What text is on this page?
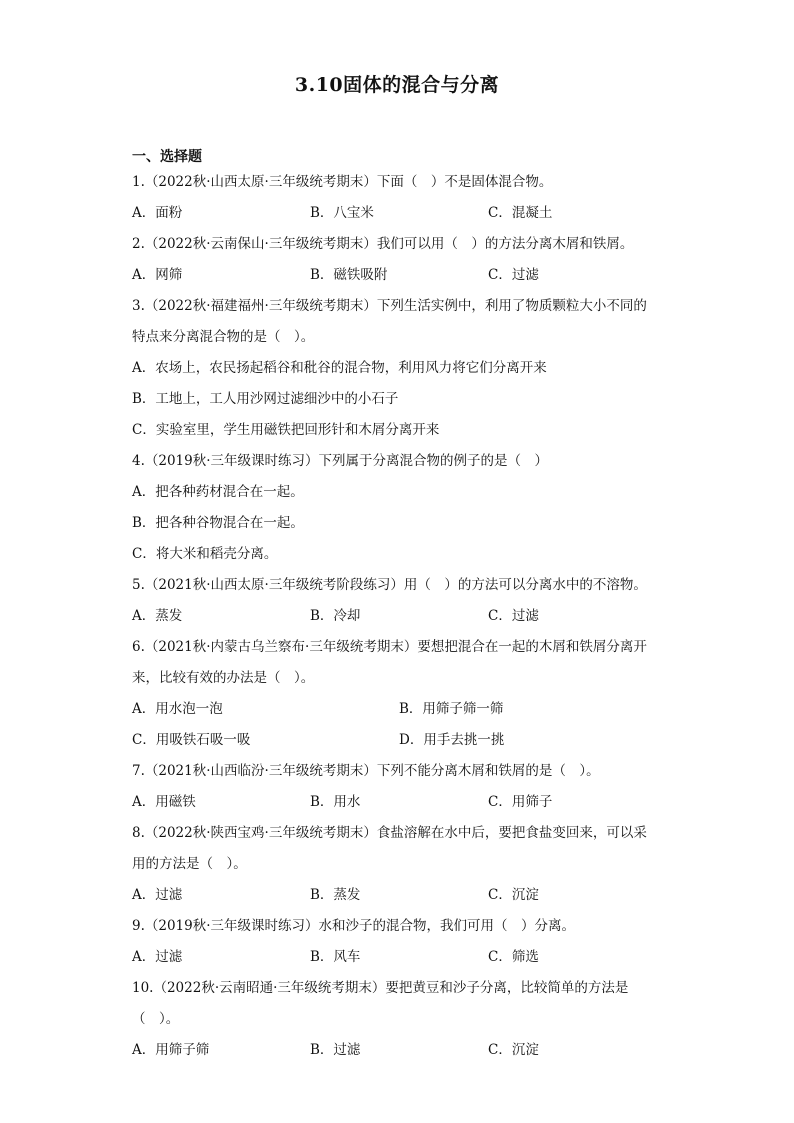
3.10固体的混合与分离
一、选择题
1.（2022秋·山西太原·三年级统考期末）下面（　）不是固体混合物。
A．面粉	B．八宝米	C．混凝土
2.（2022秋·云南保山·三年级统考期末）我们可以用（　）的方法分离木屑和铁屑。
A．网筛	B．磁铁吸附	C．过滤
3.（2022秋·福建福州·三年级统考期末）下列生活实例中，利用了物质颗粒大小不同的
特点来分离混合物的是（　）。
A．农场上，农民扬起稻谷和秕谷的混合物，利用风力将它们分离开来
B．工地上，工人用沙网过滤细沙中的小石子
C．实验室里，学生用磁铁把回形针和木屑分离开来
4.（2019秋·三年级课时练习）下列属于分离混合物的例子的是（　）
A．把各种药材混合在一起。
B．把各种谷物混合在一起。
C．将大米和稻壳分离。
5.（2021秋·山西太原·三年级统考阶段练习）用（　）的方法可以分离水中的不溶物。
A．蒸发	B．冷却	C．过滤
6.（2021秋·内蒙古乌兰察布·三年级统考期末）要想把混合在一起的木屑和铁屑分离开
来，比较有效的办法是（　）。
A．用水泡一泡	B．用筛子筛一筛
C．用吸铁石吸一吸	D．用手去挑一挑
7.（2021秋·山西临汾·三年级统考期末）下列不能分离木屑和铁屑的是（　）。
A．用磁铁	B．用水	C．用筛子
8.（2022秋·陕西宝鸡·三年级统考期末）食盐溶解在水中后，要把食盐变回来，可以采
用的方法是（　）。
A．过滤	B．蒸发	C．沉淀
9.（2019秋·三年级课时练习）水和沙子的混合物，我们可用（　）分离。
A．过滤	B．风车	C．筛选
10.（2022秋·云南昭通·三年级统考期末）要把黄豆和沙子分离，比较简单的方法是
（　）。
A．用筛子筛	B．过滤	C．沉淀
